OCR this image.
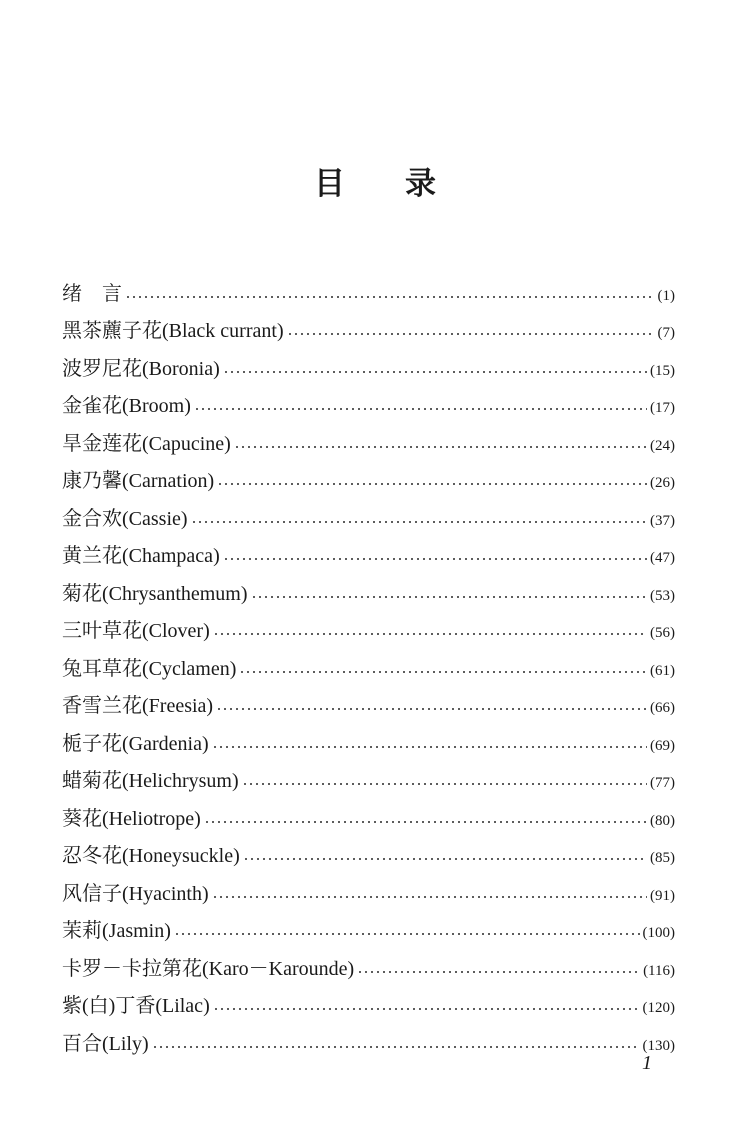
目 录
绪　言	(1)
黑茶藨子花(Black currant)	(7)
波罗尼花(Boronia)	(15)
金雀花(Broom)	(17)
旱金莲花(Capucine)	(24)
康乃馨(Carnation)	(26)
金合欢(Cassie)	(37)
黄兰花(Champaca)	(47)
菊花(Chrysanthemum)	(53)
三叶草花(Clover)	(56)
兔耳草花(Cyclamen)	(61)
香雪兰花(Freesia)	(66)
栀子花(Gardenia)	(69)
蜡菊花(Helichrysum)	(77)
葵花(Heliotrope)	(80)
忍冬花(Honeysuckle)	(85)
风信子(Hyacinth)	(91)
茉莉(Jasmin)	(100)
卡罗－卡拉第花(Karo－Karounde)	(116)
紫(白)丁香(Lilac)	(120)
百合(Lily)	(130)
1
